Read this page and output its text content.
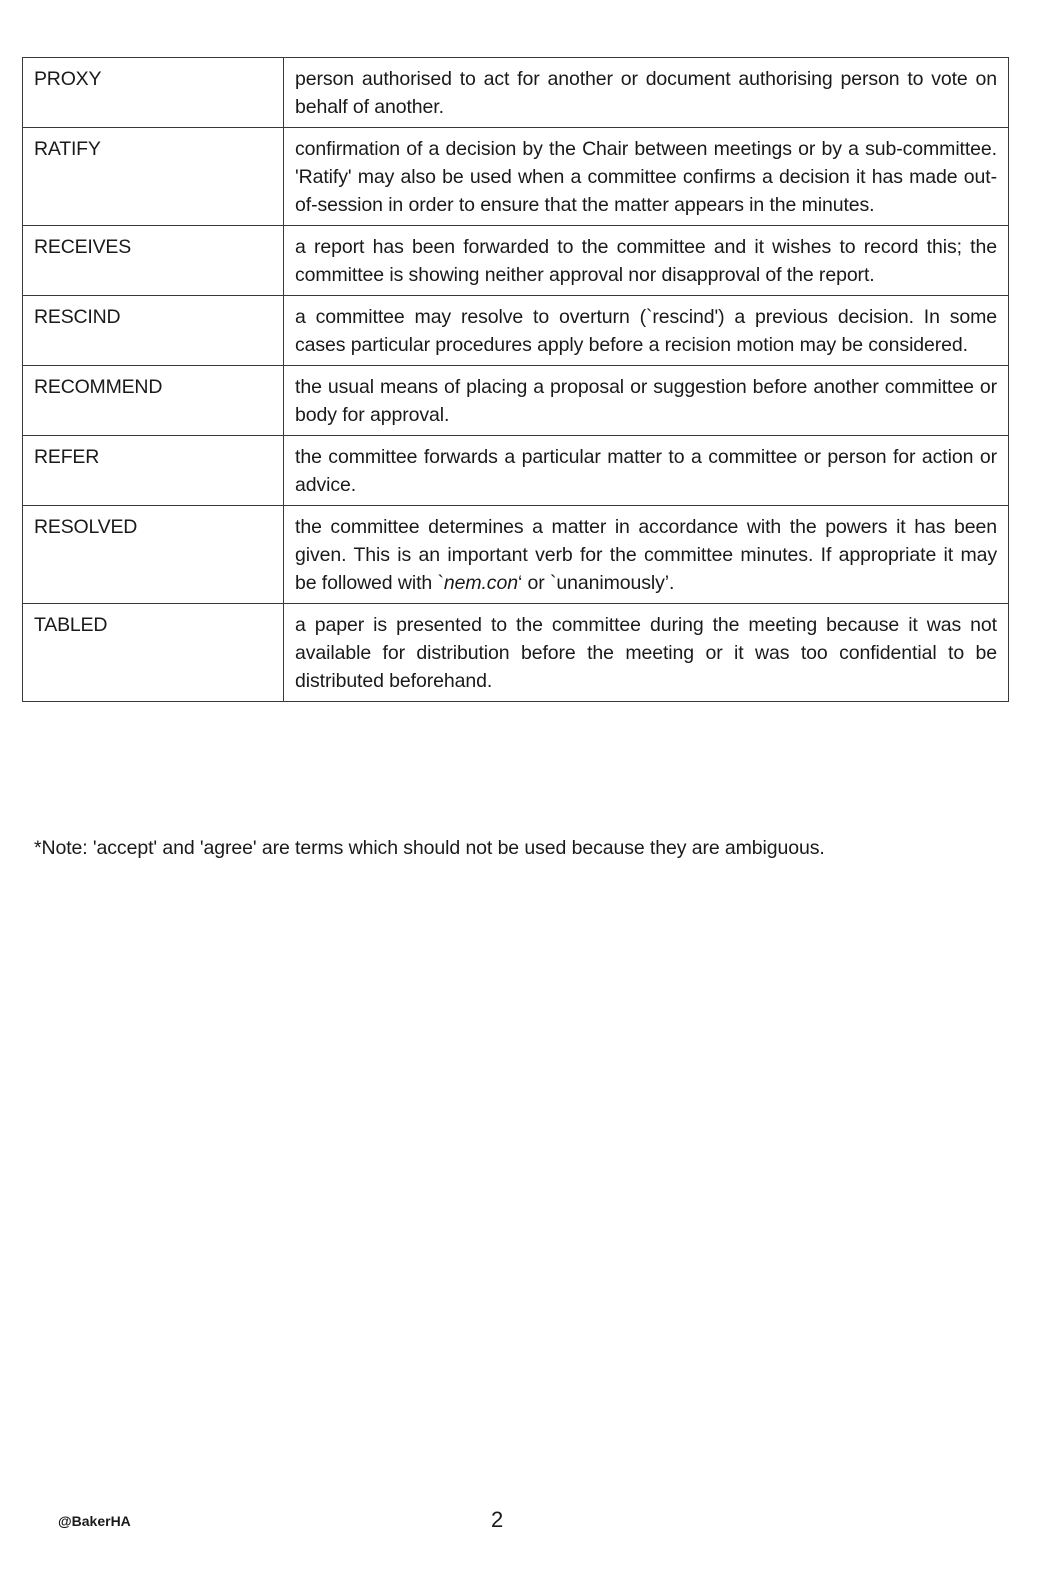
PROXY	person authorised to act for another or document authorising person to vote on behalf of another.
RATIFY	confirmation of a decision by the Chair between meetings or by a sub-committee. 'Ratify' may also be used when a committee confirms a decision it has made out-of-session in order to ensure that the matter appears in the minutes.
RECEIVES	a report has been forwarded to the committee and it wishes to record this; the committee is showing neither approval nor disapproval of the report.
RESCIND	a committee may resolve to overturn (`rescind') a previous decision. In some cases particular procedures apply before a recision motion may be considered.
RECOMMEND	the usual means of placing a proposal or suggestion before another committee or body for approval.
REFER	the committee forwards a particular matter to a committee or person for action or advice.
RESOLVED	the committee determines a matter in accordance with the powers it has been given. This is an important verb for the committee minutes. If appropriate it may be followed with `nem.con‘ or `unanimously’.
TABLED	a paper is presented to the committee during the meeting because it was not available for distribution before the meeting or it was too confidential to be distributed beforehand.
*Note: 'accept' and 'agree' are terms which should not be used because they are ambiguous.
@BakerHA	2
